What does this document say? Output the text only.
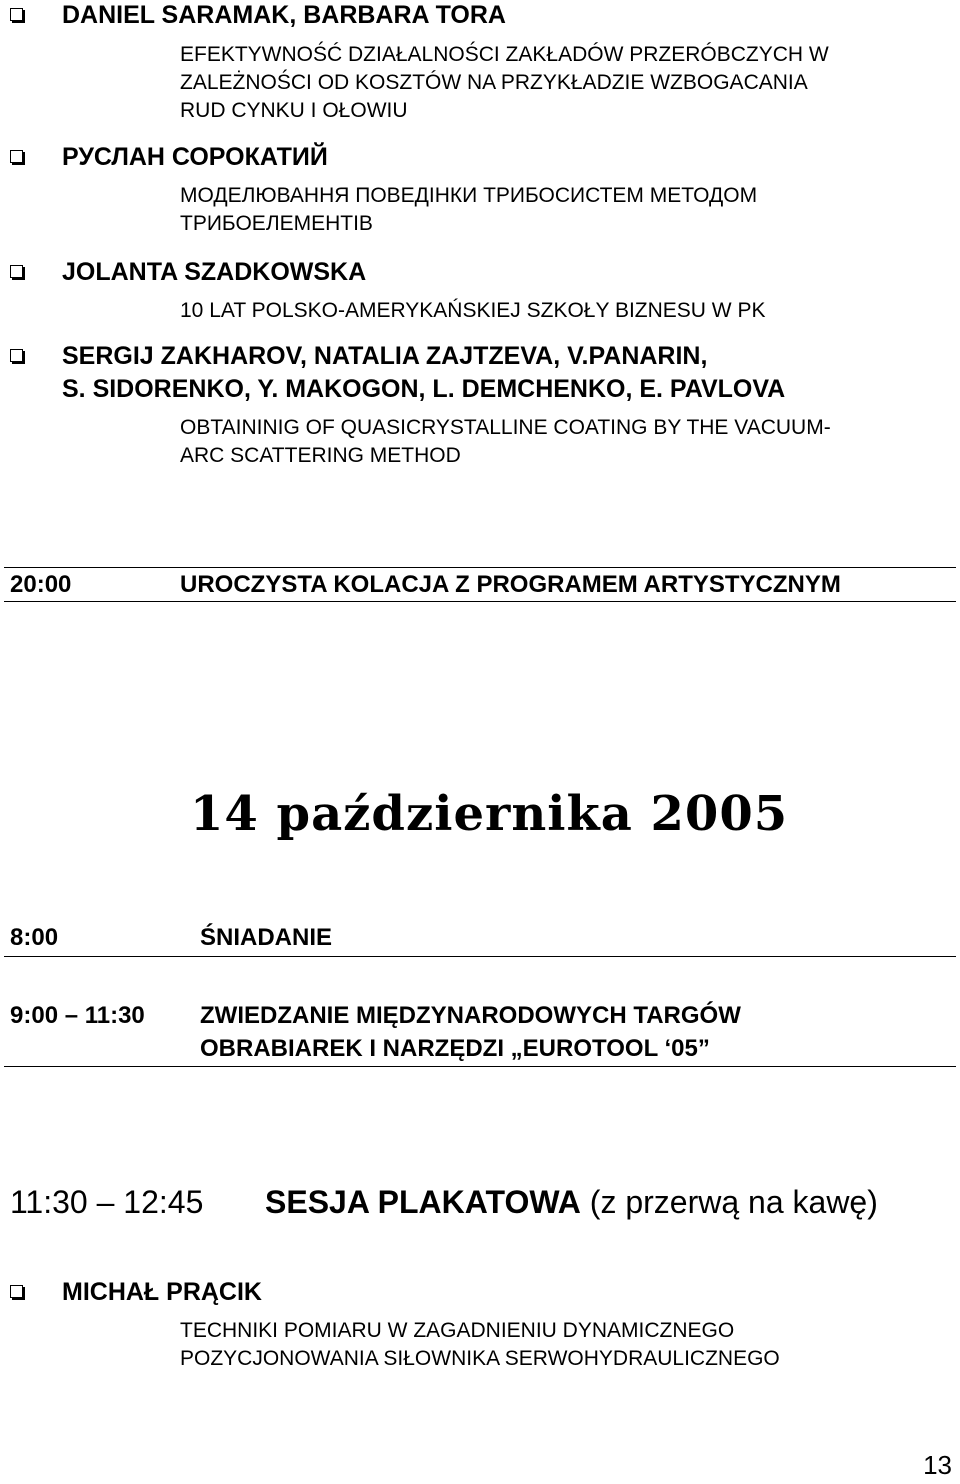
DANIEL SARAMAK, BARBARA TORA
EFEKTYWNOŚĆ DZIAŁALNOŚCI ZAKŁADÓW PRZERÓBCZYCH W
ZALEŻNOŚCI OD KOSZTÓW NA PRZYKŁADZIE WZBOGACANIA
RUD CYNKU I OŁOWIU
РУСЛАН СОРОКАТИЙ
МОДЕЛЮВАННЯ ПОВЕДІНКИ ТРИБОСИСТЕМ МЕТОДОМ
ТРИБОЕЛЕМЕНТІВ
JOLANTA SZADKOWSKA
10 LAT POLSKO-AMERYKAŃSKIEJ SZKOŁY BIZNESU W PK
SERGIJ ZAKHAROV, NATALIA ZAJTZEVA, V.PANARIN,
S. SIDORENKO, Y. MAKOGON, L. DEMCHENKO, E. PAVLOVA
OBTAININIG OF QUASICRYSTALLINE COATING BY THE VACUUM-
ARC SCATTERING METHOD
20:00	UROCZYSTA KOLACJA Z PROGRAMEM ARTYSTYCZNYM
14 października 2005
8:00	ŚNIADANIE
9:00 – 11:30 ZWIEDZANIE MIĘDZYNARODOWYCH TARGÓW
OBRABIAREK I NARZĘDZI „EUROTOOL ‘05”
11:30 – 12:45 SESJA PLAKATOWA (z przerwą na kawę)
MICHAŁ PRĄCIK
TECHNIKI POMIARU W ZAGADNIENIU DYNAMICZNEGO
POZYCJONOWANIA SIŁOWNIKA SERWOHYDRAULICZNEGO
13
